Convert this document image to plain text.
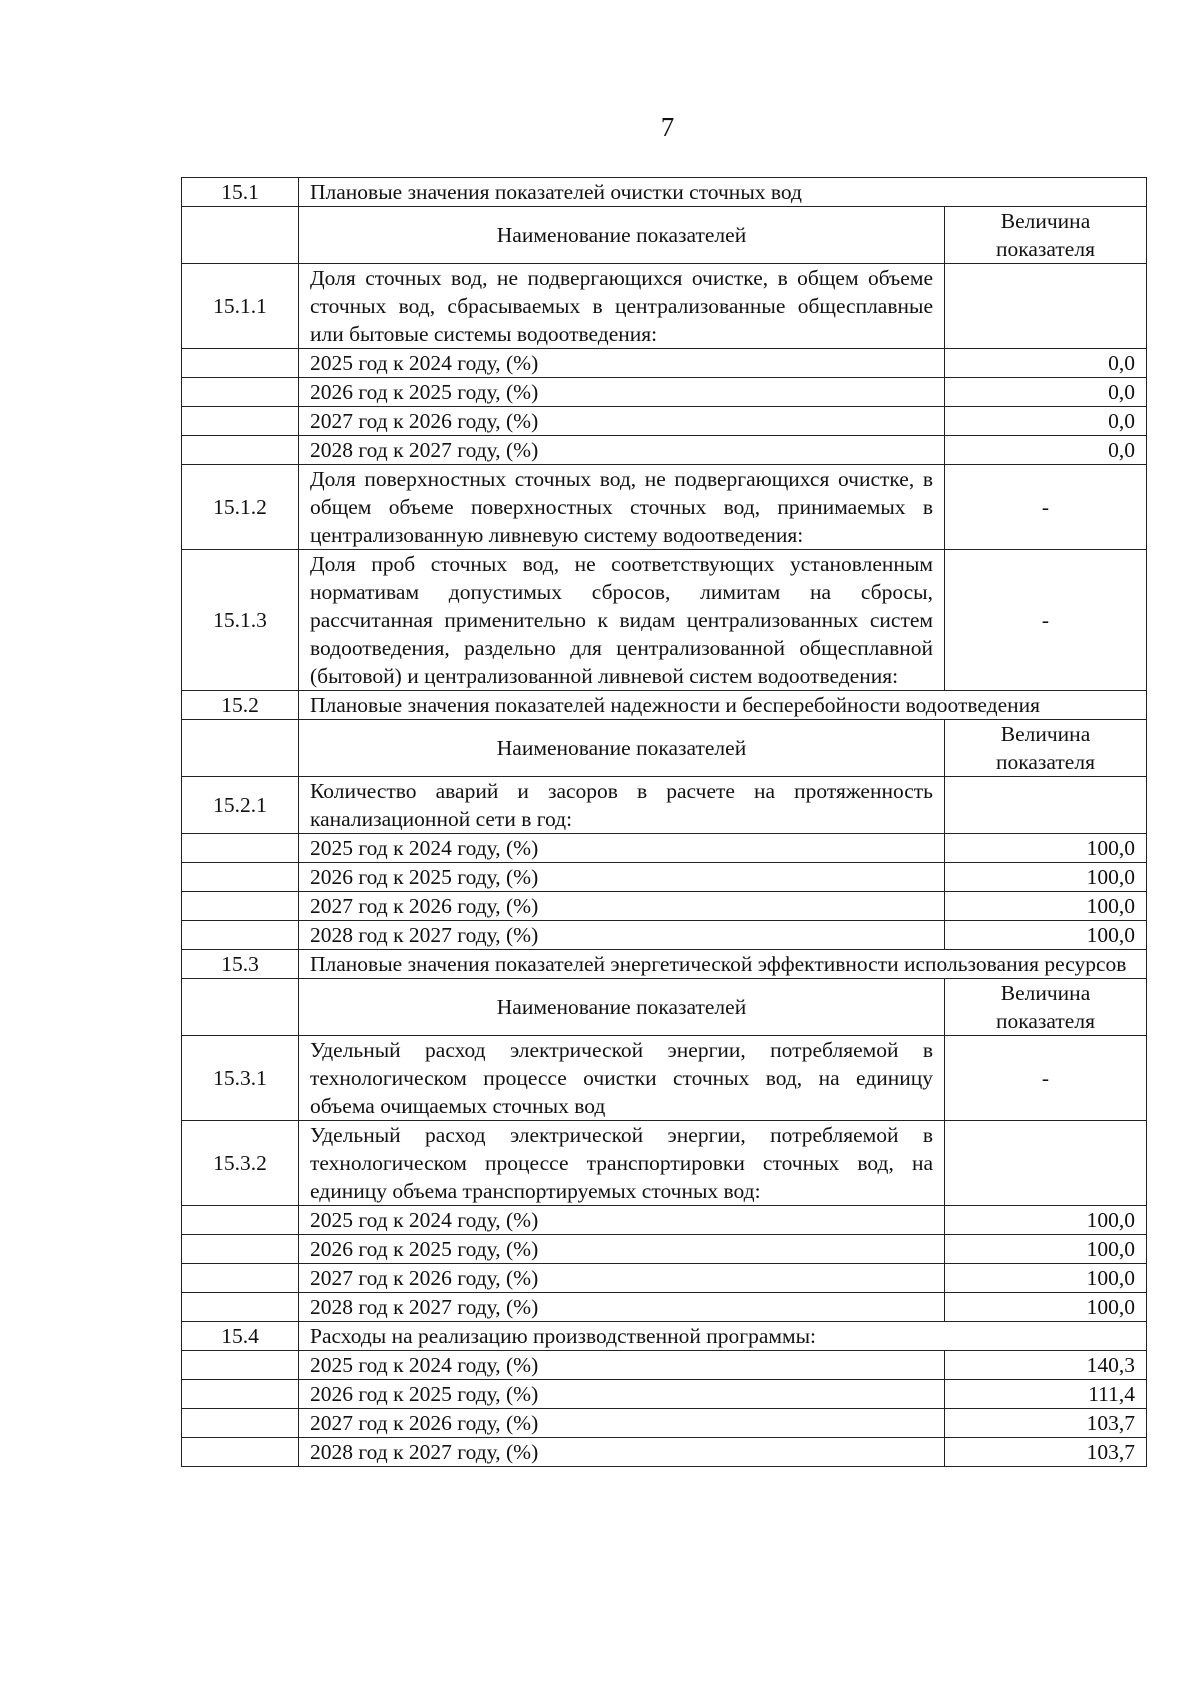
7
15.1	Плановые значения показателей очистки сточных вод	
	Наименование показателей	Величина показателя
15.1.1	Доля сточных вод, не подвергающихся очистке, в общем объеме сточных вод, сбрасываемых в централизованные общесплавные или бытовые системы водоотведения:	
	2025 год к 2024 году, (%)	0,0
	2026 год к 2025 году, (%)	0,0
	2027 год к 2026 году, (%)	0,0
	2028 год к 2027 году, (%)	0,0
15.1.2	Доля поверхностных сточных вод, не подвергающихся очистке, в общем объеме поверхностных сточных вод, принимаемых в централизованную ливневую систему водоотведения:	-
15.1.3	Доля проб сточных вод, не соответствующих установленным нормативам допустимых сбросов, лимитам на сбросы, рассчитанная применительно к видам централизованных систем водоотведения, раздельно для централизованной общесплавной (бытовой) и централизованной ливневой систем водоотведения:	-
15.2	Плановые значения показателей надежности и бесперебойности водоотведения	
	Наименование показателей	Величина показателя
15.2.1	Количество аварий и засоров в расчете на протяженность канализационной сети в год:	
	2025 год к 2024 году, (%)	100,0
	2026 год к 2025 году, (%)	100,0
	2027 год к 2026 году, (%)	100,0
	2028 год к 2027 году, (%)	100,0
15.3	Плановые значения показателей энергетической эффективности использования ресурсов	
	Наименование показателей	Величина показателя
15.3.1	Удельный расход электрической энергии, потребляемой в технологическом процессе очистки сточных вод, на единицу объема очищаемых сточных вод	-
15.3.2	Удельный расход электрической энергии, потребляемой в технологическом процессе транспортировки сточных вод, на единицу объема транспортируемых сточных вод:	
	2025 год к 2024 году, (%)	100,0
	2026 год к 2025 году, (%)	100,0
	2027 год к 2026 году, (%)	100,0
	2028 год к 2027 году, (%)	100,0
15.4	Расходы на реализацию производственной программы:	
	2025 год к 2024 году, (%)	140,3
	2026 год к 2025 году, (%)	111,4
	2027 год к 2026 году, (%)	103,7
	2028 год к 2027 году, (%)	103,7
